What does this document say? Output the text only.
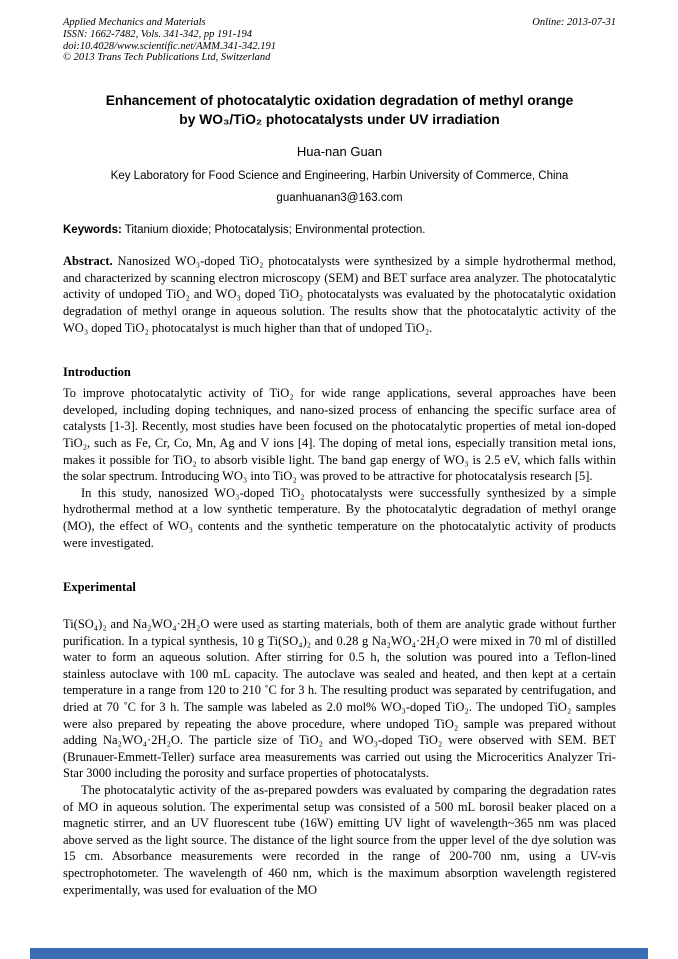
Applied Mechanics and Materials	Online: 2013-07-31
ISSN: 1662-7482, Vols. 341-342, pp 191-194
doi:10.4028/www.scientific.net/AMM.341-342.191
© 2013 Trans Tech Publications Ltd, Switzerland
Enhancement of photocatalytic oxidation degradation of methyl orange
by WO₃/TiO₂ photocatalysts under UV irradiation
Hua-nan Guan
Key Laboratory for Food Science and Engineering, Harbin University of Commerce, China
guanhuanan3@163.com
Keywords: Titanium dioxide; Photocatalysis; Environmental protection.

Abstract. Nanosized WO₃-doped TiO₂ photocatalysts were synthesized by a simple hydrothermal method, and characterized by scanning electron microscopy (SEM) and BET surface area analyzer. The photocatalytic activity of undoped TiO₂ and WO₃ doped TiO₂ photocatalysts was evaluated by the photocatalytic oxidation degradation of methyl orange in aqueous solution. The results show that the photocatalytic activity of the WO₃ doped TiO₂ photocatalyst is much higher than that of undoped TiO₂.

Introduction

To improve photocatalytic activity of TiO₂ for wide range applications, several approaches have been developed, including doping techniques, and nano-sized process of enhancing the specific surface area of catalysts [1-3]. Recently, most studies have been focused on the photocatalytic properties of metal ion-doped TiO₂, such as Fe, Cr, Co, Mn, Ag and V ions [4]. The doping of metal ions, especially transition metal ions, makes it possible for TiO₂ to absorb visible light. The band gap energy of WO₃ is 2.5 eV, which falls within the solar spectrum. Introducing WO₃ into TiO₂ was proved to be attractive for photocatalysis research [5].

In this study, nanosized WO₃-doped TiO₂ photocatalysts were successfully synthesized by a simple hydrothermal method at a low synthetic temperature. By the photocatalytic degradation of methyl orange (MO), the effect of WO₃ contents and the synthetic temperature on the photocatalytic activity of products were investigated.

Experimental

Ti(SO₄)₂ and Na₂WO₄·2H₂O were used as starting materials, both of them are analytic grade without further purification. In a typical synthesis, 10 g Ti(SO₄)₂ and 0.28 g Na₂WO₄·2H₂O were mixed in 70 ml of distilled water to form an aqueous solution. After stirring for 0.5 h, the solution was poured into a Teflon-lined stainless autoclave with 100 mL capacity. The autoclave was sealed and heated, and then kept at a certain temperature in a range from 120 to 210 ˚C for 3 h. The resulting product was separated by centrifugation, and dried at 70 ˚C for 3 h. The sample was labeled as 2.0 mol% WO₃-doped TiO₂. The undoped TiO₂ samples were also prepared by repeating the above procedure, where undoped TiO₂ sample was prepared without adding Na₂WO₄·2H₂O. The particle size of TiO₂ and WO₃-doped TiO₂ were observed with SEM. BET (Brunauer-Emmett-Teller) surface area measurements was carried out using the Microceritics Analyzer Tri-Star 3000 including the porosity and surface properties of photocatalysts.

The photocatalytic activity of the as-prepared powders was evaluated by comparing the degradation rates of MO in aqueous solution. The experimental setup was consisted of a 500 mL borosil beaker placed on a magnetic stirrer, and an UV fluorescent tube (16W) emitting UV light of wavelength~365 nm was placed above served as the light source. The distance of the light source from the upper level of the dye solution was 15 cm. Absorbance measurements were recorded in the range of 200-700 nm, using a UV-vis spectrophotometer. The wavelength of 460 nm, which is the maximum absorption wavelength registered experimentally, was used for evaluation of the MO
